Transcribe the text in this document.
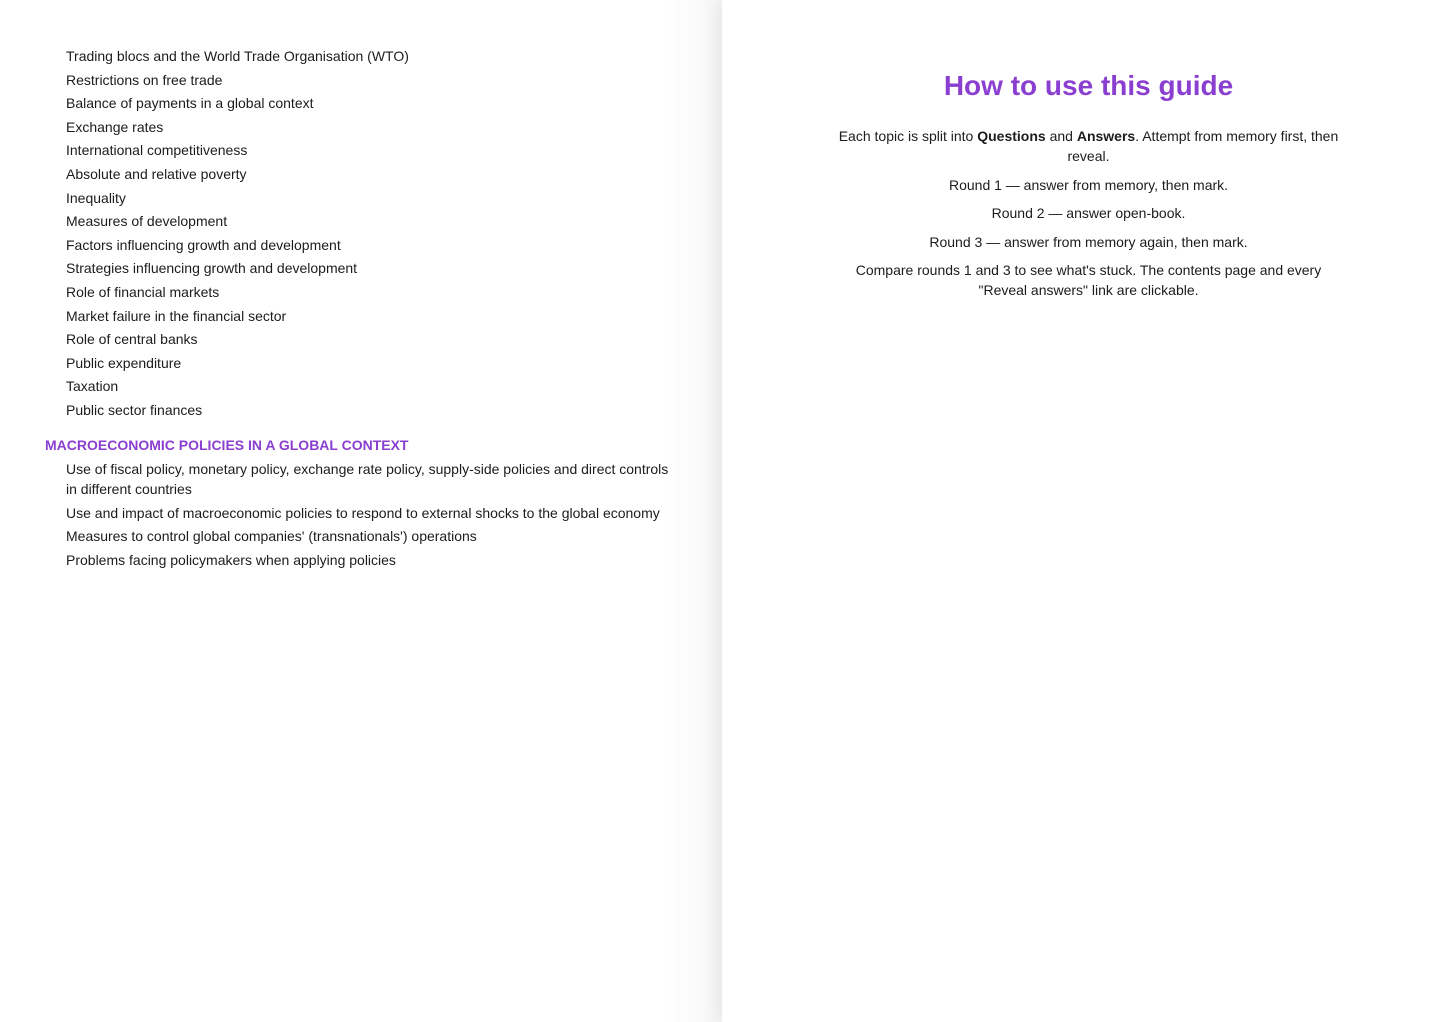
Trading blocs and the World Trade Organisation (WTO)
Restrictions on free trade
Balance of payments in a global context
Exchange rates
International competitiveness
Absolute and relative poverty
Inequality
Measures of development
Factors influencing growth and development
Strategies influencing growth and development
Role of financial markets
Market failure in the financial sector
Role of central banks
Public expenditure
Taxation
Public sector finances
MACROECONOMIC POLICIES IN A GLOBAL CONTEXT
Use of fiscal policy, monetary policy, exchange rate policy, supply-side policies and direct controls in different countries
Use and impact of macroeconomic policies to respond to external shocks to the global economy
Measures to control global companies' (transnationals') operations
Problems facing policymakers when applying policies
How to use this guide

Each topic is split into Questions and Answers. Attempt from memory first, then reveal.

Round 1 — answer from memory, then mark.

Round 2 — answer open-book.

Round 3 — answer from memory again, then mark.

Compare rounds 1 and 3 to see what's stuck. The contents page and every "Reveal answers" link are clickable.
